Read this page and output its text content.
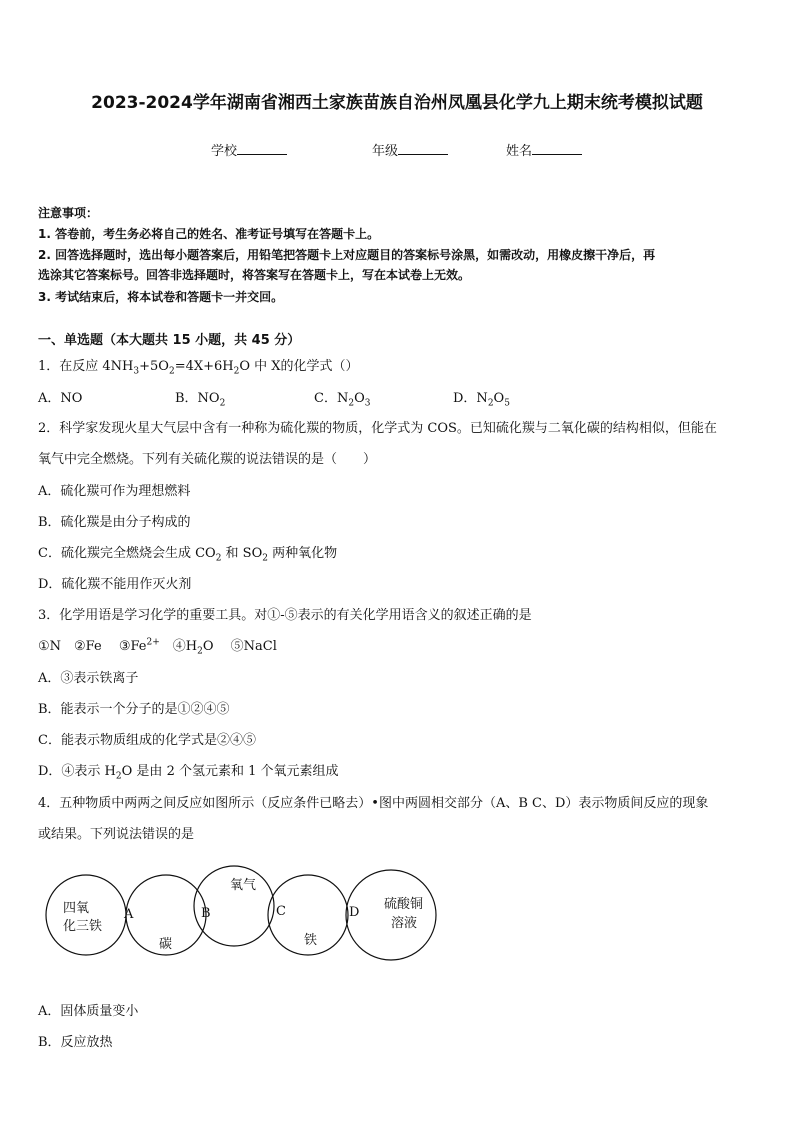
2023-2024学年湖南省湘西土家族苗族自治州凤凰县化学九上期末统考模拟试题
学校	年级	姓名
注意事项：
1. 答卷前，考生务必将自己的姓名、准考证号填写在答题卡上。
2. 回答选择题时，选出每小题答案后，用铅笔把答题卡上对应题目的答案标号涂黑，如需改动，用橡皮擦干净后，再
选涂其它答案标号。回答非选择题时，将答案写在答题卡上，写在本试卷上无效。
3. 考试结束后，将本试卷和答题卡一并交回。
一、单选题（本大题共 15 小题，共 45 分）
1．在反应 $4NH_3+5O_2=4X+6H_2O$ 中 X的化学式（）
A．NO	B．$NO_2$	C．$N_2O_3$	D．$N_2O_5$
2．科学家发现火星大气层中含有一种称为硫化羰的物质，化学式为 COS。已知硫化羰与二氧化碳的结构相似，但能在
氧气中完全燃烧。下列有关硫化羰的说法错误的是（　　）
A．硫化羰可作为理想燃料
B．硫化羰是由分子构成的
C．硫化羰完全燃烧会生成 $CO_2$ 和 $SO_2$ 两种氧化物
D．硫化羰不能用作灭火剂
3．化学用语是学习化学的重要工具。对①-⑤表示的有关化学用语含义的叙述正确的是
①N　②Fe　 $③Fe^{2+}$　$④H_2O$　 ⑤NaCl
A．③表示铁离子
B．能表示一个分子的是①②④⑤
C．能表示物质组成的化学式是②④⑤
D．④表示 $H_2O$ 是由 2 个氢元素和 1 个氧元素组成
4．五种物质中两两之间反应如图所示（反应条件已略去）•图中两圆相交部分（A、B C、D）表示物质间反应的现象
或结果。下列说法错误的是
四氧
化三铁
碳
氧气
铁
硫酸铜
溶液
A	B	C	D
A．固体质量变小
B．反应放热
